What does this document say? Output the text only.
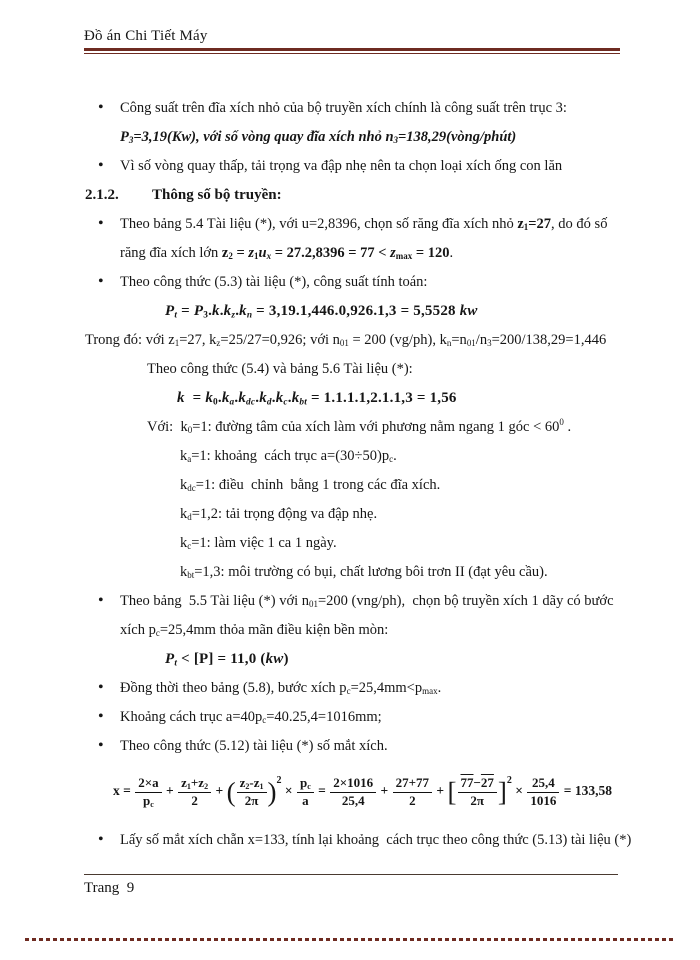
Đồ án Chi Tiết Máy
• Công suất trên đĩa xích nhỏ của bộ truyền xích chính là công suất trên trục 3:
$P_3=3,19(Kw)$, với số vòng quay đĩa xích nhỏ $n_3=138,29(vòng/phút)$
• Vì số vòng quay thấp, tải trọng va đập nhẹ nên ta chọn loại xích ống con lăn
2.1.2. Thông số bộ truyền:
• Theo bảng 5.4 Tài liệu (*), với u=2,8396, chọn số răng đĩa xích nhỏ $z_1=27$, do đó số răng đĩa xích lớn $z_2 = z_1u_x = 27.2,8396 = 77 < z_{max} = 120$.
• Theo công thức (5.3) tài liệu (*), công suất tính toán:
$P_t = P_3.k.k_z.k_n = 3,19.1,446.0,926.1,3 = 5,5528$ kw
Trong đó: với $z_1=27$, $k_z=25/27=0,926$; với $n_{01} = 200$ (vg/ph), $k_n=n_{01}/n_3=200/138,29=1,446$
Theo công thức (5.4) và bảng 5.6 Tài liệu (*):
$k = k_0.k_a.k_{dc}.k_d.k_c.k_{bt} = 1.1.1.1,2.1.1,3 = 1,56$
Với:  $k_0=1$: đường tâm của xích làm với phương nằm ngang 1 góc < $60^0$ .
$k_a=1$: khoảng  cách trục $a=(30\div 50)p_c$.
$k_{dc}=1$: điều  chỉnh  bằng 1 trong các đĩa xích.
$k_d=1,2$: tải trọng động va đập nhẹ.
$k_c=1$: làm việc 1 ca 1 ngày.
$k_{bt}=1,3$: môi trường có bụi, chất lương bôi trơn II (đạt yêu cầu).
• Theo bảng  5.5 Tài liệu (*) với $n_{01}=200$ (vng/ph),  chọn bộ truyền xích 1 dãy có bước xích $p_c=25,4mm$ thỏa mãn điều kiện bền mòn:
$P_t < [P] = 11,0$ (kw)
• Đồng thời theo bảng (5.8), bước xích $p_c=25,4mm<p_{max}$.
• Khoảng cách trục $a=40p_c=40.25,4=1016mm$;
• Theo công thức (5.12) tài liệu (*) số mắt xích.
$x = \frac{2\times a}{p_c} + \frac{z_1+z_2}{2}$ + ( $\frac{z_2-z_1}{2\pi} )^2 \times \frac{p_c}{a} = \frac{2\times 1016}{25,4} + \frac{27+77}{2}$ + [ $\frac{77-27}{2\pi} ]^2 \times \frac{25,4}{1016} = 133,58$
• Lấy số mắt xích chẵn x=133, tính lại khoảng  cách trục theo công thức (5.13) tài liệu (*)
Trang  9
